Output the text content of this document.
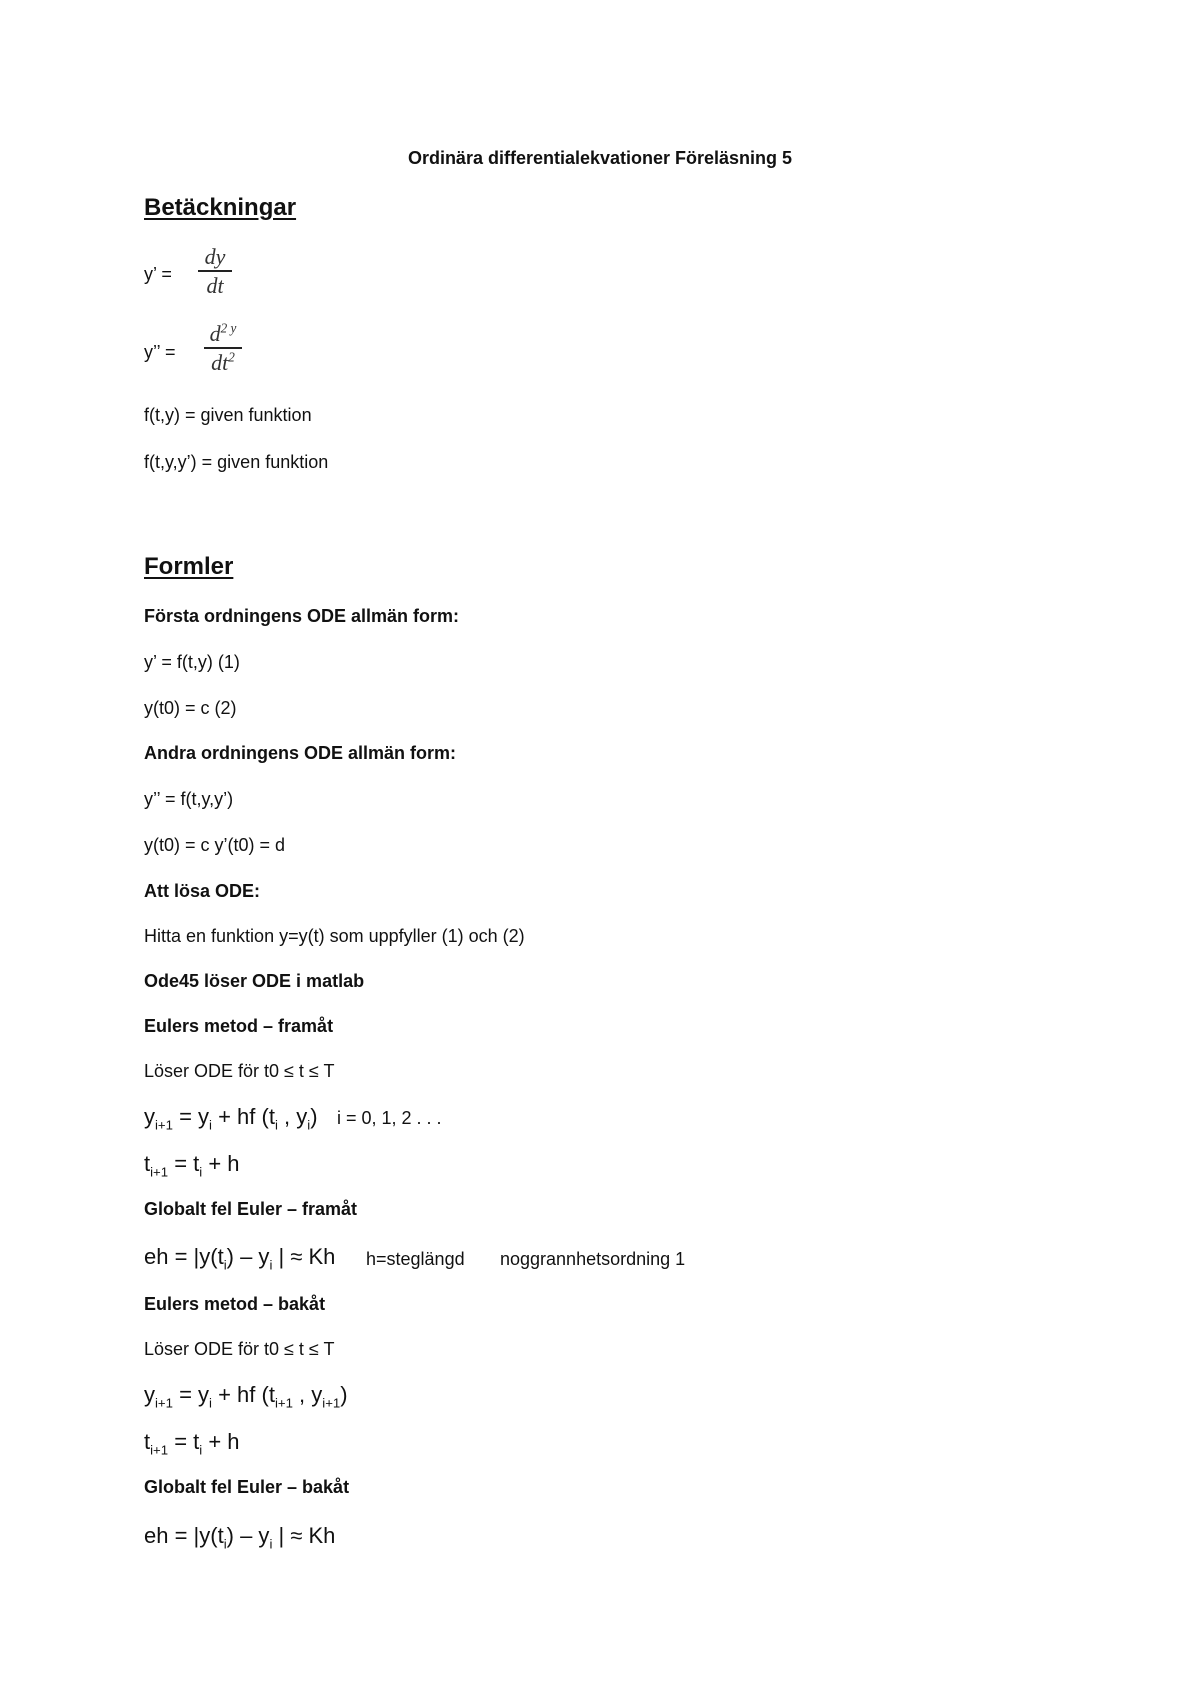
Ordinära differentialekvationer Föreläsning 5
Betäckningar
y’ =
dy
dt
y’’ =
$d^{2 y}$
$dt^2$
f(t,y) = given funktion
f(t,y,y’) = given funktion
Formler
Första ordningens ODE allmän form:
y’ = f(t,y) (1)
y(t0) = c (2)
Andra ordningens ODE allmän form:
y’’ = f(t,y,y’)
y(t0) = c y’(t0) = d
Att lösa ODE:
Hitta en funktion y=y(t) som uppfyller (1) och (2)
Ode45 löser ODE i matlab
Eulers metod – framåt
Löser ODE för t0 ≤ t ≤ T
$y_{i+1} = y_i$ + hf ($t_i$ , $y_i$) i = 0, 1, 2 . . .
$t_{i+1} = t_i + h$
Globalt fel Euler – framåt
eh = $|y(t_i) - y_i$ | ≈ Kh h=steglängd noggrannhetsordning 1
Eulers metod – bakåt
Löser ODE för t0 ≤ t ≤ T
$y_{i+1} = y_i$ + hf ($t_{i+1}$ , $y_{i+1}$)
$t_{i+1} = t_i + h$
Globalt fel Euler – bakåt
eh = $|y(t_i) - y_i$ | ≈ Kh
